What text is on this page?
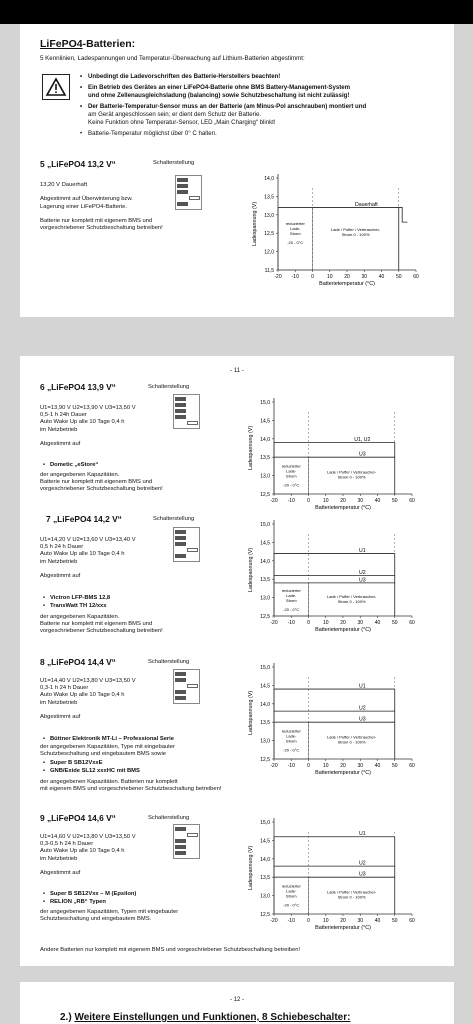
LiFePO4-Batterien:
5 Kennlinien, Ladespannungen und Temperatur-Überwachung auf Lithium-Batterien abgestimmt:
• Unbedingt die Ladevorschriften des Batterie-Herstellers beachten!
• Ein Betrieb des Gerätes an einer LiFePO4-Batterie ohne BMS Battery-Management-System
und ohne Zellenausgleichsladung (balancing) sowie Schutzbeschaltung ist nicht zulässig!
• Der Batterie-Temperatur-Sensor muss an der Batterie (am Minus-Pol anschrauben) montiert und
am Gerät angeschlossen sein; er dient dem Schutz der Batterie.
Keine Funktion ohne Temperatur-Sensor, LED „Main Charging“ blinkt!
• Batterie-Temperatur möglichst über 0° C halten.
5 „LiFePO4 13,2 V“	Schalterstellung
13,20 V Dauerhaft

Abgestimmt auf Überwinterung bzw.
Lagerung einer LiFePO4-Batterie.

Batterie nur komplett mit eigenem BMS und
vorgeschriebener Schutzbeschaltung betreiben!
11,5
12,0
12,5
13,0
13,5
14,0
-20 -10 0	10 20 30 40 50 60
Batterietemperatur (°C)
Ladespannung (V)	Dauerhaft
reduzierter
Lade-
Strom
-20 - 0°C
Lade / Puffer / Verbraucher-
Strom 0 - 100%
- 11 -
6 „LiFePO4 13,9 V“	Schalterstellung
U1=13,90 V U2=13,90 V U3=13,50 V
0,5-1 h 24h Dauer
Auto Wake Up alle 10 Tage 0,4 h
im Netzbetrieb

Abgestimmt auf
• Dometic „eStore“
der angegebenen Kapazitäten.
Batterie nur komplett mit eigenem BMS und
vorgeschriebener Schutzbeschaltung betreiben!
12,5
13,0
13,5
14,0
14,5
15,0
-20 -10 0	10 20 30 40 50 60
Batterietemperatur (°C)
Ladespannung (V)	U1, U2
U3
reduzierter
Lade-
Strom
-20 - 0°C
Lade / Puffer / Verbraucher-
Strom 0 - 100%
7 „LiFePO4 14,2 V“	Schalterstellung
U1=14,20 V U2=13,60 V U3=13,40 V
0,5 h 24 h Dauer
Auto Wake Up alle 10 Tage 0,4 h
im Netzbetrieb

Abgestimmt auf
• Victron LFP-BMS 12,8
• TransWatt TH 12/xxx
der angegebenen Kapazitäten.
Batterie nur komplett mit eigenem BMS und
vorgeschriebener Schutzbeschaltung betreiben!
12,5
13,0
13,5
14,0
14,5
15,0
-20 -10 0	10 20 30 40 50 60
Batterietemperatur (°C)
Ladespannung (V)	U1
U2
U3
reduzierter
Lade-
Strom
-20 - 0°C
Lade / Puffer / Verbraucher-
Strom 0 - 100%
8 „LiFePO4 14,4 V“	Schalterstellung
U1=14,40 V U2=13,80 V U3=13,50 V
0,3-1 h 24 h Dauer
Auto Wake Up alle 10 Tage 0,4 h
im Netzbetrieb

Abgestimmt auf
• Büttner Elektronik MT-Li – Professional Serie
der angegebenen Kapazitäten, Type mit eingebauter
Schutzbeschaltung und eingebautem BMS sowie
• Super B SB12VxxE
• GNB/Exide SL12 xxxHC mit BMS
der angegebenen Kapazitäten. Batterien nur komplett
mit eigenem BMS und vorgeschriebener Schutzbeschaltung betreiben!
12,5
13,0
13,5
14,0
14,5
15,0
-20 -10 0	10 20 30 40 50 60
Batterietemperatur (°C)
Ladespannung (V)
U1
U2
U3
reduzierter
Lade-
Strom
-20 - 0°C
Lade / Puffer / Verbraucher-
Strom 0 - 100%
9 „LiFePO4 14,6 V“	Schalterstellung
U1=14,60 V U2=13,80 V U3=13,50 V
0,3-0,5 h 24 h Dauer
Auto Wake Up alle 10 Tage 0,4 h
im Netzbetrieb

Abgestimmt auf
• Super B SB12Vxx – M (Epsilon)
• RELION „RB“ Typen
der angegebenen Kapazitäten, Typen mit eingebauter
Schutzbeschaltung und eingebautem BMS.
12,5
13,0
13,5
14,0
14,5
15,0
-20 -10 0	10 20 30 40 50 60
Batterietemperatur (°C)
Ladespannung (V)
U1
U2
U3
reduzierter
Lade-
Strom
-20 - 0°C
Lade / Puffer / Verbraucher-
Strom 0 - 100%
Andere Batterien nur komplett mit eigenem BMS und vorgeschriebener Schutzbeschaltung betreiben!
- 12 -
2.) Weitere Einstellungen und Funktionen, 8 Schiebeschalter:
